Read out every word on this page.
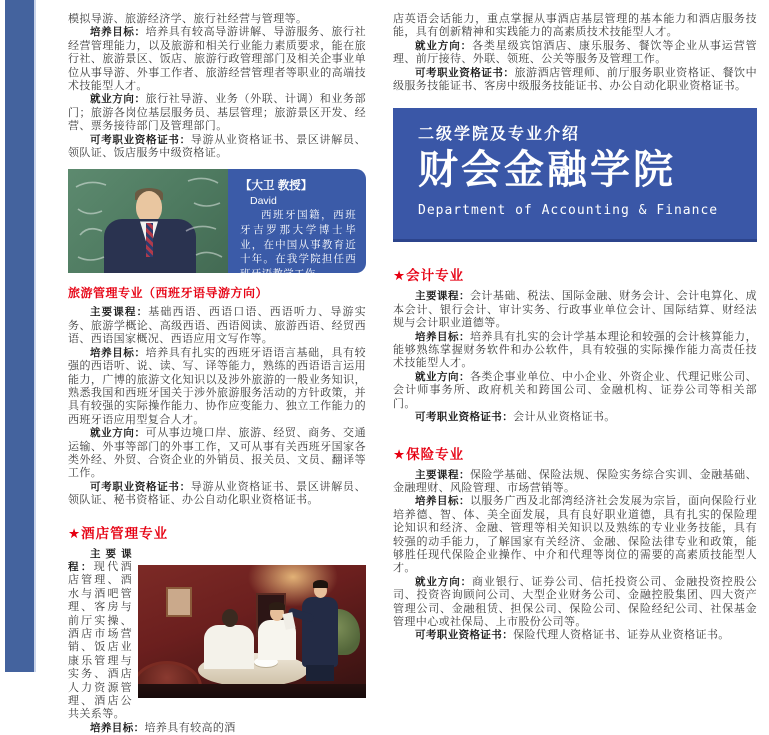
模拟导游、旅游经济学、旅行社经营与管理等。

培养目标：培养具有较高导游讲解、导游服务、旅行社经营管理能力，以及旅游和相关行业能力素质要求，能在旅行社、旅游景区、饭店、旅游行政管理部门及相关企事业单位从事导游、外事工作者、旅游经营管理者等职业的高端技术技能型人才。

就业方向：旅行社导游、业务（外联、计调）和业务部门；旅游各岗位基层服务员、基层管理；旅游景区开发、经营、票务接待部门及管理部门。

可考职业资格证书：导游从业资格证书、景区讲解员、领队证、饭店服务中级资格证。

【大卫 教授】
David
西班牙国籍，西班牙吉罗那大学博士毕业，在中国从事教育近十年。在我学院担任西班牙语教学工作。
旅游管理专业（西班牙语导游方向）

主要课程：基础西语、西语口语、西语听力、导游实务、旅游学概论、高级西语、西语阅读、旅游西语、经贸西语、西语国家概况、西语应用文写作等。

培养目标：培养具有扎实的西班牙语语言基础，具有较强的西语听、说、读、写、译等能力，熟练的西语语言运用能力，广博的旅游文化知识以及涉外旅游的一般业务知识，熟悉我国和西班牙国关于涉外旅游服务活动的方针政策，并具有较强的实际操作能力、协作应变能力、独立工作能力的西班牙语应用型复合人才。

就业方向：可从事边境口岸、旅游、经贸、商务、交通运输、外事等部门的外事工作，又可从事有关西班牙国家各类外经、外贸、合资企业的外销员、报关员、文员、翻译等工作。

可考职业资格证书：导游从业资格证书、景区讲解员、领队证、秘书资格证、办公自动化职业资格证书。

★酒店管理专业

主要课程：现代酒店管理、酒水与酒吧管理、客房与前厅实操、酒店市场营销、饭店业康乐管理与实务、酒店人力资源管理、酒店公共关系等。

培养目标：培养具有较高的酒

店英语会话能力，重点掌握从事酒店基层管理的基本能力和酒店服务技能，具有创新精神和实践能力的高素质技术技能型人才。

就业方向：各类星级宾馆酒店、康乐服务、餐饮等企业从事运营管理、前厅接待、外联、领班、公关等服务及管理工作。

可考职业资格证书：旅游酒店管理师、前厅服务职业资格证、餐饮中级服务技能证书、客房中级服务技能证书、办公自动化职业资格证书。

二级学院及专业介绍
财会金融学院
Department of Accounting & Finance
★会计专业

主要课程：会计基础、税法、国际金融、财务会计、会计电算化、成本会计、银行会计、审计实务、行政事业单位会计、国际结算、财经法规与会计职业道德等。

培养目标：培养具有扎实的会计学基本理论和较强的会计核算能力，能够熟练掌握财务软件和办公软件，具有较强的实际操作能力高责任技术技能型人才。

就业方向：各类企事业单位、中小企业、外资企业、代理记账公司、会计师事务所、政府机关和跨国公司、金融机构、证券公司等相关部门。

可考职业资格证书：会计从业资格证书。

★保险专业

主要课程：保险学基础、保险法规、保险实务综合实训、金融基础、金融理财、风险管理、市场营销等。

培养目标：以服务广西及北部湾经济社会发展为宗旨，面向保险行业培养德、智、体、美全面发展，具有良好职业道德，具有扎实的保险理论知识和经济、金融、管理等相关知识以及熟练的专业业务技能，具有较强的动手能力，了解国家有关经济、金融、保险法律专业和政策，能够胜任现代保险企业操作、中介和代理等岗位的需要的高素质技能型人才。

就业方向：商业银行、证券公司、信托投资公司、金融投资控股公司、投资咨询顾问公司、大型企业财务公司、金融控股集团、四大资产管理公司、金融租赁、担保公司、保险公司、保险经纪公司、社保基金管理中心或社保局、上市股份公司等。

可考职业资格证书：保险代理人资格证书、证券从业资格证书。
